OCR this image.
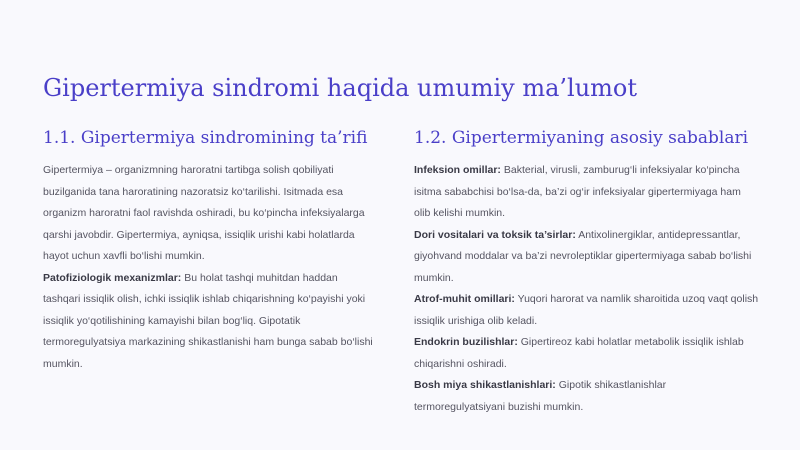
Gipertermiya sindromi haqida umumiy ma’lumot
1.1. Gipertermiya sindromining ta’rifi

Gipertermiya – organizmning haroratni tartibga solish qobiliyati buzilganida tana haroratining nazoratsiz ko‘tarilishi. Isitmadа esa organizm haroratni faol ravishda oshiradi, bu ko‘pincha infeksiyalarga qarshi javobdir. Gipertermiya, ayniqsa, issiqlik urishi kabi holatlarda hayot uchun xavfli bo‘lishi mumkin.

Patofiziologik mexanizmlar: Bu holat tashqi muhitdan haddan tashqari issiqlik olish, ichki issiqlik ishlab chiqarishning ko‘payishi yoki issiqlik yo‘qotilishining kamayishi bilan bog‘liq. Gipotatik termoregulyatsiya markazining shikastlanishi ham bunga sabab bo‘lishi mumkin.

1.2. Gipertermiyaning asosiy sabablari

Infeksion omillar: Bakterial, virusli, zamburug‘li infeksiyalar ko‘pincha isitma sababchisi bo‘lsa-da, ba’zi og‘ir infeksiyalar gipertermiyaga ham olib kelishi mumkin.

Dori vositalari va toksik ta’sirlar: Antixolinergiklar, antidepressantlar, giyohvand moddalar va ba’zi nevroleptiklar gipertermiyaga sabab bo‘lishi mumkin.

Atrof-muhit omillari: Yuqori harorat va namlik sharoitida uzoq vaqt qolish issiqlik urishiga olib keladi.

Endokrin buzilishlar: Gipertireoz kabi holatlar metabolik issiqlik ishlab chiqarishni oshiradi.

Bosh miya shikastlanishlari: Gipotik shikastlanishlar termoregulyatsiyani buzishi mumkin.
